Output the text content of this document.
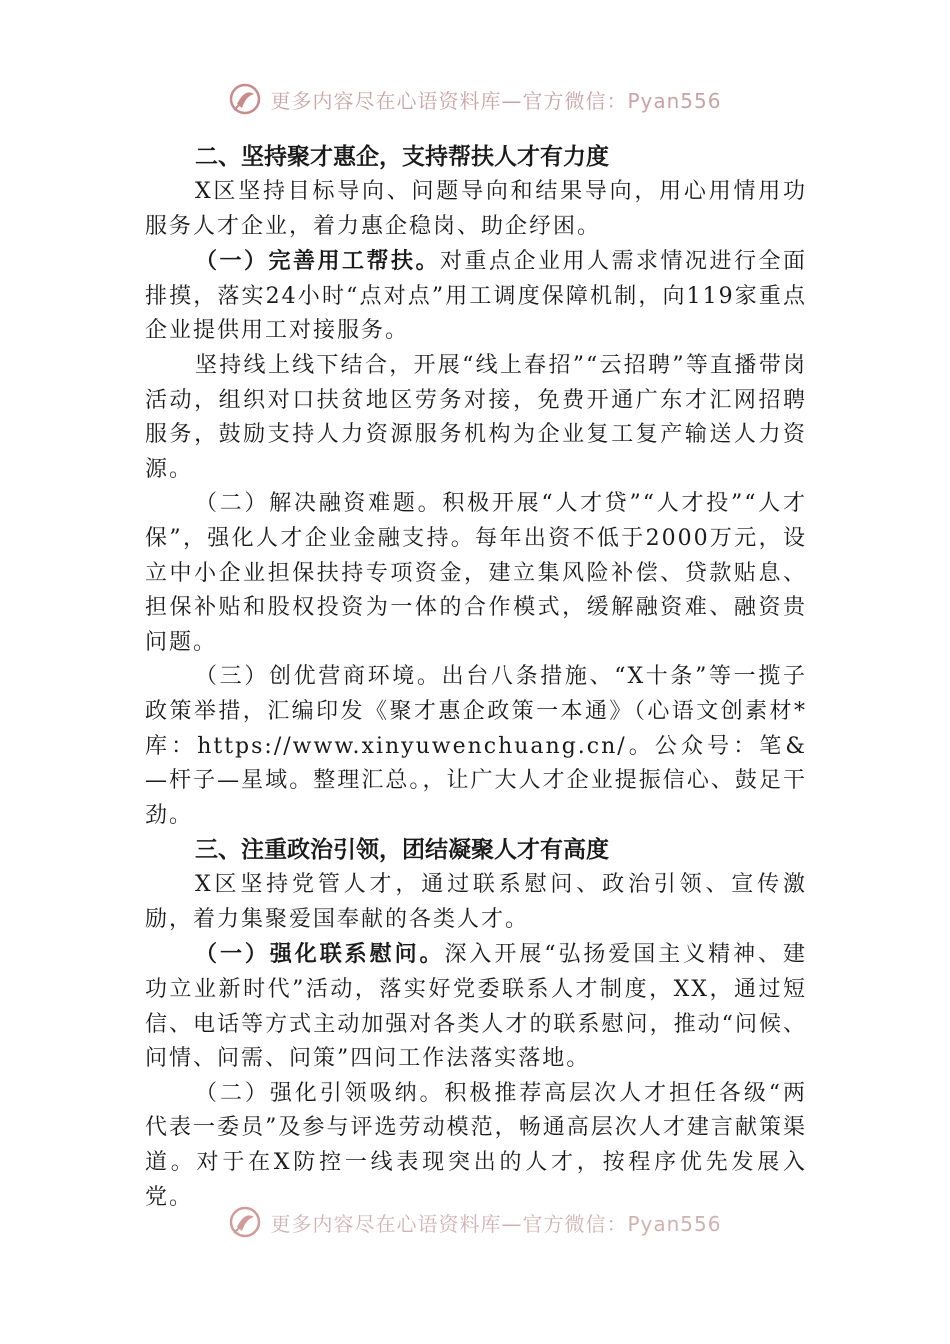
更多内容尽在心语资料库—官方微信：Pyan556
二、坚持聚才惠企，支持帮扶人才有力度

X区坚持目标导向、问题导向和结果导向，用心用情用功服务人才企业，着力惠企稳岗、助企纾困。

（一）完善用工帮扶。对重点企业用人需求情况进行全面排摸，落实24小时“点对点”用工调度保障机制，向119家重点企业提供用工对接服务。

坚持线上线下结合，开展“线上春招”“云招聘”等直播带岗活动，组织对口扶贫地区劳务对接，免费开通广东才汇网招聘服务，鼓励支持人力资源服务机构为企业复工复产输送人力资源。

（二）解决融资难题。积极开展“人才贷”“人才投”“人才保”，强化人才企业金融支持。每年出资不低于2000万元，设立中小企业担保扶持专项资金，建立集风险补偿、贷款贴息、担保补贴和股权投资为一体的合作模式，缓解融资难、融资贵问题。

（三）创优营商环境。出台八条措施、“X十条”等一揽子政策举措，汇编印发《聚才惠企政策一本通》（心语文创素材*库：https://www.xinyuwenchuang.cn/。公众号：笔&—杆子—星域。整理汇总。，让广大人才企业提振信心、鼓足干劲。

三、注重政治引领，团结凝聚人才有高度

X区坚持党管人才，通过联系慰问、政治引领、宣传激励，着力集聚爱国奉献的各类人才。

（一）强化联系慰问。深入开展“弘扬爱国主义精神、建功立业新时代”活动，落实好党委联系人才制度，XX，通过短信、电话等方式主动加强对各类人才的联系慰问，推动“问候、问情、问需、问策”四问工作法落实落地。

（二）强化引领吸纳。积极推荐高层次人才担任各级“两代表一委员”及参与评选劳动模范，畅通高层次人才建言献策渠道。对于在X防控一线表现突出的人才，按程序优先发展入党。

更多内容尽在心语资料库—官方微信：Pyan556
